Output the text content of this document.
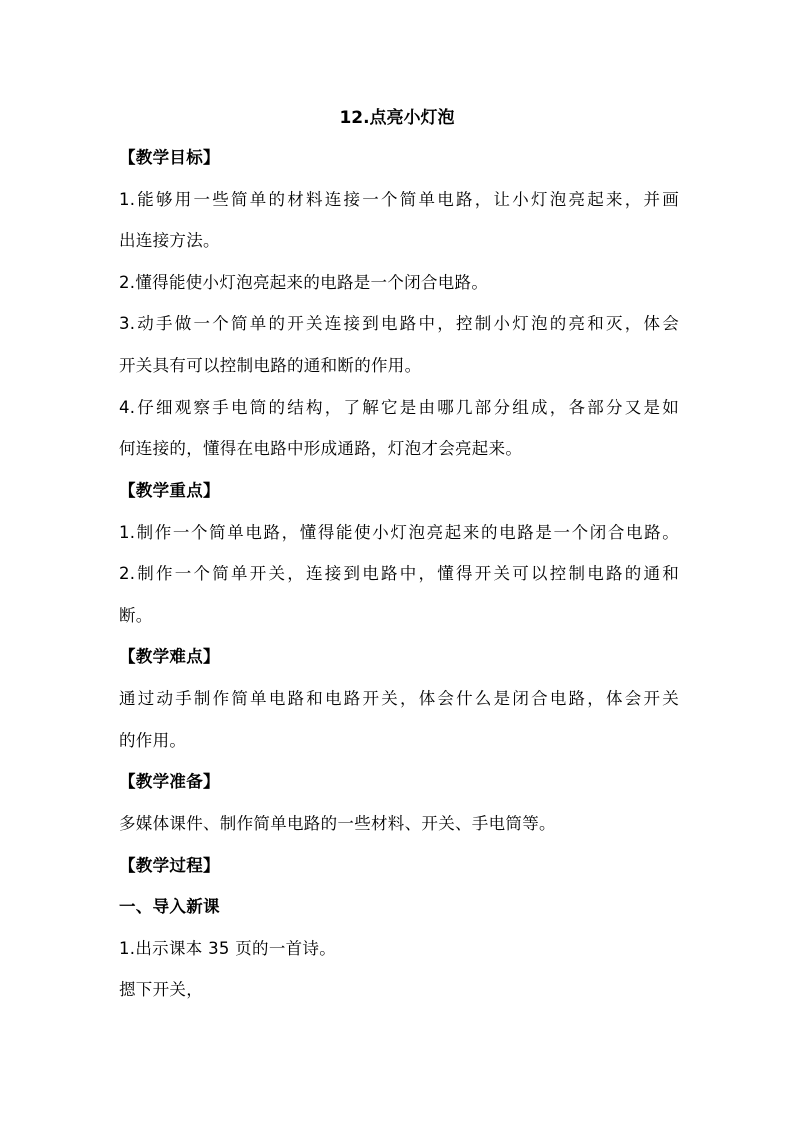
12.点亮小灯泡
【教学目标】
1.能够用一些简单的材料连接一个简单电路，让小灯泡亮起来，并画
出连接方法。
2.懂得能使小灯泡亮起来的电路是一个闭合电路。
3.动手做一个简单的开关连接到电路中，控制小灯泡的亮和灭，体会
开关具有可以控制电路的通和断的作用。
4.仔细观察手电筒的结构，了解它是由哪几部分组成，各部分又是如
何连接的，懂得在电路中形成通路，灯泡才会亮起来。
【教学重点】
1.制作一个简单电路，懂得能使小灯泡亮起来的电路是一个闭合电路。
2.制作一个简单开关，连接到电路中，懂得开关可以控制电路的通和
断。
【教学难点】
通过动手制作简单电路和电路开关，体会什么是闭合电路，体会开关
的作用。
【教学准备】
多媒体课件、制作简单电路的一些材料、开关、手电筒等。
【教学过程】
一、导入新课
1.出示课本 35 页的一首诗。
摁下开关，
